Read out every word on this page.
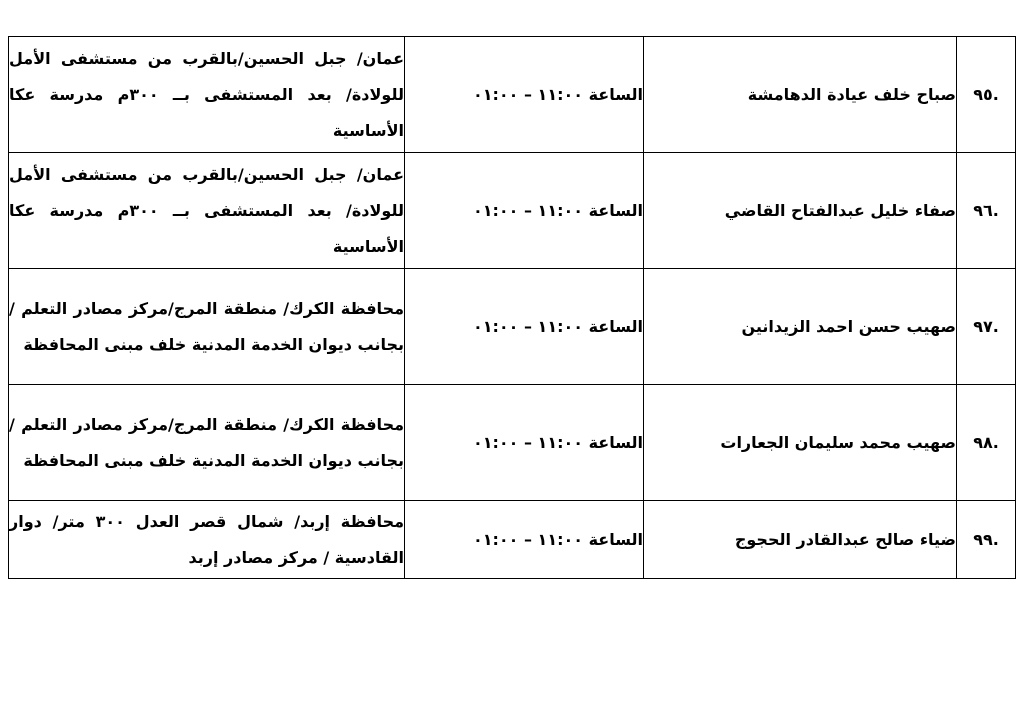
.٩٥	صباح خلف عيادة الدهامشة	الساعة ١١:٠٠ – ٠١:٠٠	عمان/ جبل الحسين/بالقرب من مستشفى الأمل للولادة/ بعد المستشفى بــ ٣٠٠م مدرسة عكا الأساسية
.٩٦	صفاء خليل عبدالفتاح القاضي	الساعة ١١:٠٠ – ٠١:٠٠	عمان/ جبل الحسين/بالقرب من مستشفى الأمل للولادة/ بعد المستشفى بــ ٣٠٠م مدرسة عكا الأساسية
.٩٧	صهيب حسن احمد الزيدانين	الساعة ١١:٠٠ – ٠١:٠٠	محافظة الكرك/ منطقة المرج/مركز مصادر التعلم / بجانب ديوان الخدمة المدنية خلف مبنى المحافظة
.٩٨	صهيب محمد سليمان الجعارات	الساعة ١١:٠٠ – ٠١:٠٠	محافظة الكرك/ منطقة المرج/مركز مصادر التعلم / بجانب ديوان الخدمة المدنية خلف مبنى المحافظة
.٩٩	ضياء صالح عبدالقادر الحجوج	الساعة ١١:٠٠ – ٠١:٠٠	محافظة إربد/ شمال قصر العدل ٣٠٠ متر/ دوار القادسية / مركز مصادر إربد
